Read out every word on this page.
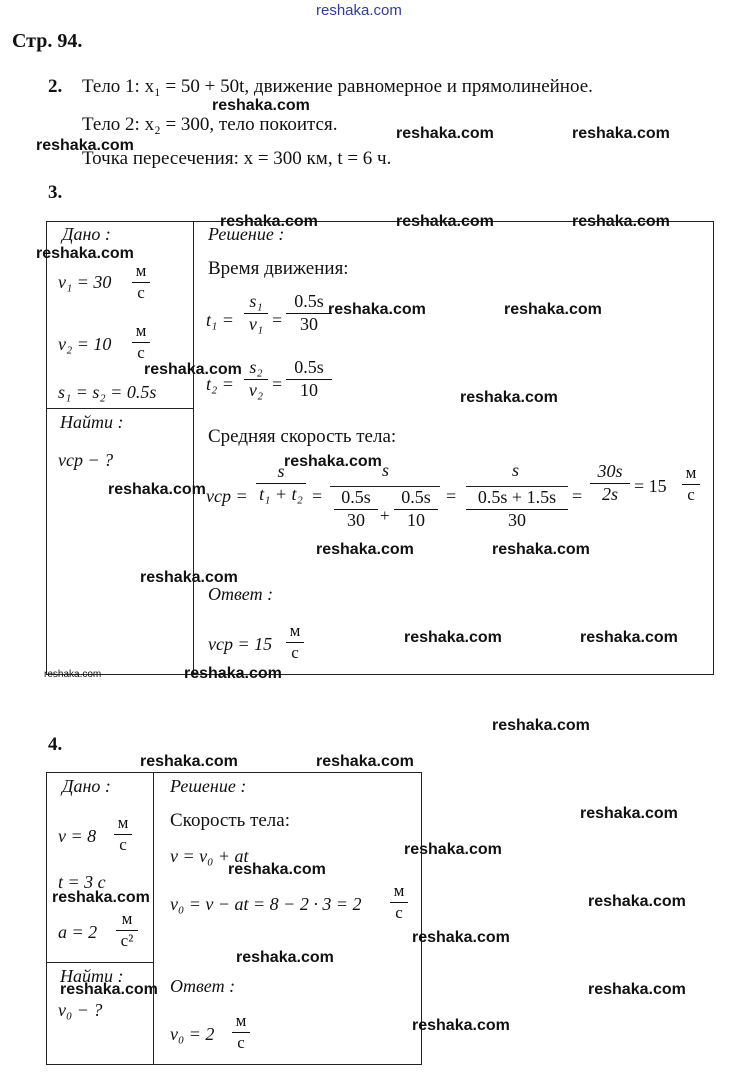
reshaka.com
Стр. 94.
2. Тело 1: x₁ = 50 + 50t, движение равномерное и прямолинейное.
Тело 2: x₂ = 300, тело покоится.
Точка пересечения: x = 300 км, t = 6 ч.
reshaka.com
reshaka.com
reshaka.com	reshaka.com
3.
Дано :
v₁ = 30
м
с
v₂ = 10
м
с
s₁ = s₂ = 0.5s
Найти :
vср − ?
Решение :
Время движения:
t₁ =
s₁
v₁ =
0.5s
30
t₂ =
s₂
v₂ =
0.5s
10
Средняя скорость тела:
vср =
s
t₁ + t₂ =
s
0.5s
30 +
0.5s
10
=
s
0.5s + 1.5s
30
=
30s
2s = 15
м
с
Ответ :
vср = 15
м
с
reshaka.com	reshaka.com	reshaka.com
reshaka.com
reshaka.com	reshaka.com
reshaka.com
reshaka.com
reshaka.com
reshaka.com
reshaka.com	reshaka.com
reshaka.com
reshaka.com	reshaka.com
reshaka.com	reshaka.com
reshaka.com
4.
Дано :
v = 8
м
с
t = 3 с
a = 2
м
с²
Найти :
v₀ − ?
Решение :
Скорость тела:
v = v₀ + at
v₀ = v − at = 8 − 2 · 3 = 2
м
с
Ответ :
v₀ = 2
м
с
reshaka.com	reshaka.com
reshaka.com
reshaka.com
reshaka.com
reshaka.com	reshaka.com
reshaka.com
reshaka.com
reshaka.com	reshaka.com
reshaka.com
